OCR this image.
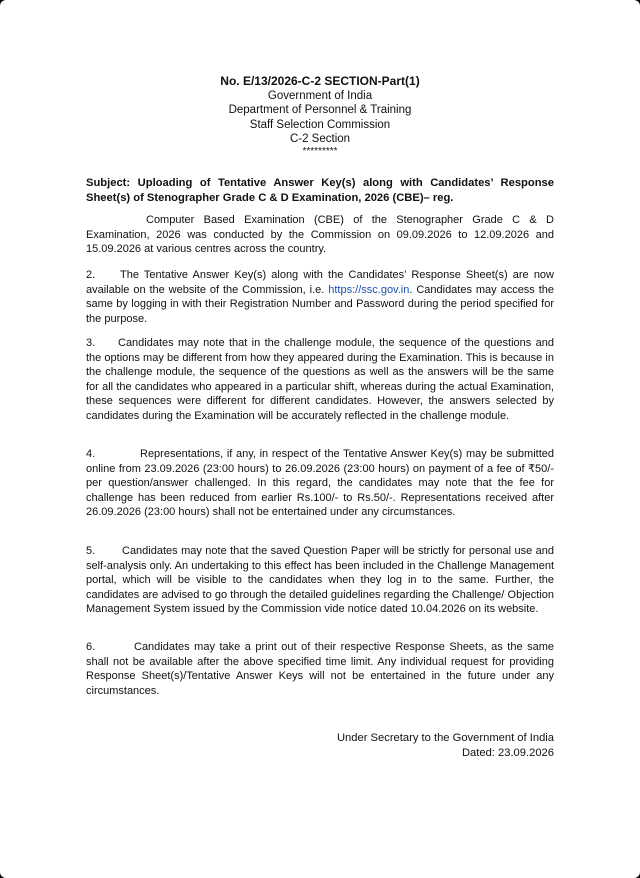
No. E/13/2026-C-2 SECTION-Part(1)
Government of India
Department of Personnel & Training
Staff Selection Commission
C-2 Section
*********
Subject: Uploading of Tentative Answer Key(s) along with Candidates’ Response Sheet(s) of Stenographer Grade C & D Examination, 2026 (CBE)– reg.
Computer Based Examination (CBE) of the Stenographer Grade C & D Examination, 2026 was conducted by the Commission on 09.09.2026 to 12.09.2026 and 15.09.2026 at various centres across the country.
2. The Tentative Answer Key(s) along with the Candidates’ Response Sheet(s) are now available on the website of the Commission, i.e. https://ssc.gov.in. Candidates may access the same by logging in with their Registration Number and Password during the period specified for the purpose.
3. Candidates may note that in the challenge module, the sequence of the questions and the options may be different from how they appeared during the Examination. This is because in the challenge module, the sequence of the questions as well as the answers will be the same for all the candidates who appeared in a particular shift, whereas during the actual Examination, these sequences were different for different candidates. However, the answers selected by candidates during the Examination will be accurately reflected in the challenge module.
4.	Representations, if any, in respect of the Tentative Answer Key(s) may be submitted online from 23.09.2026 (23:00 hours) to 26.09.2026 (23:00 hours) on payment of a fee of ₹50/- per question/answer challenged. In this regard, the candidates may note that the fee for challenge has been reduced from earlier Rs.100/- to Rs.50/-. Representations received after 26.09.2026 (23:00 hours) shall not be entertained under any circumstances.
5. Candidates may note that the saved Question Paper will be strictly for personal use and self-analysis only. An undertaking to this effect has been included in the Challenge Management portal, which will be visible to the candidates when they log in to the same. Further, the candidates are advised to go through the detailed guidelines regarding the Challenge/ Objection Management System issued by the Commission vide notice dated 10.04.2026 on its website.
6.	Candidates may take a print out of their respective Response Sheets, as the same shall not be available after the above specified time limit. Any individual request for providing Response Sheet(s)/Tentative Answer Keys will not be entertained in the future under any circumstances.
Under Secretary to the Government of India
Dated: 23.09.2026
